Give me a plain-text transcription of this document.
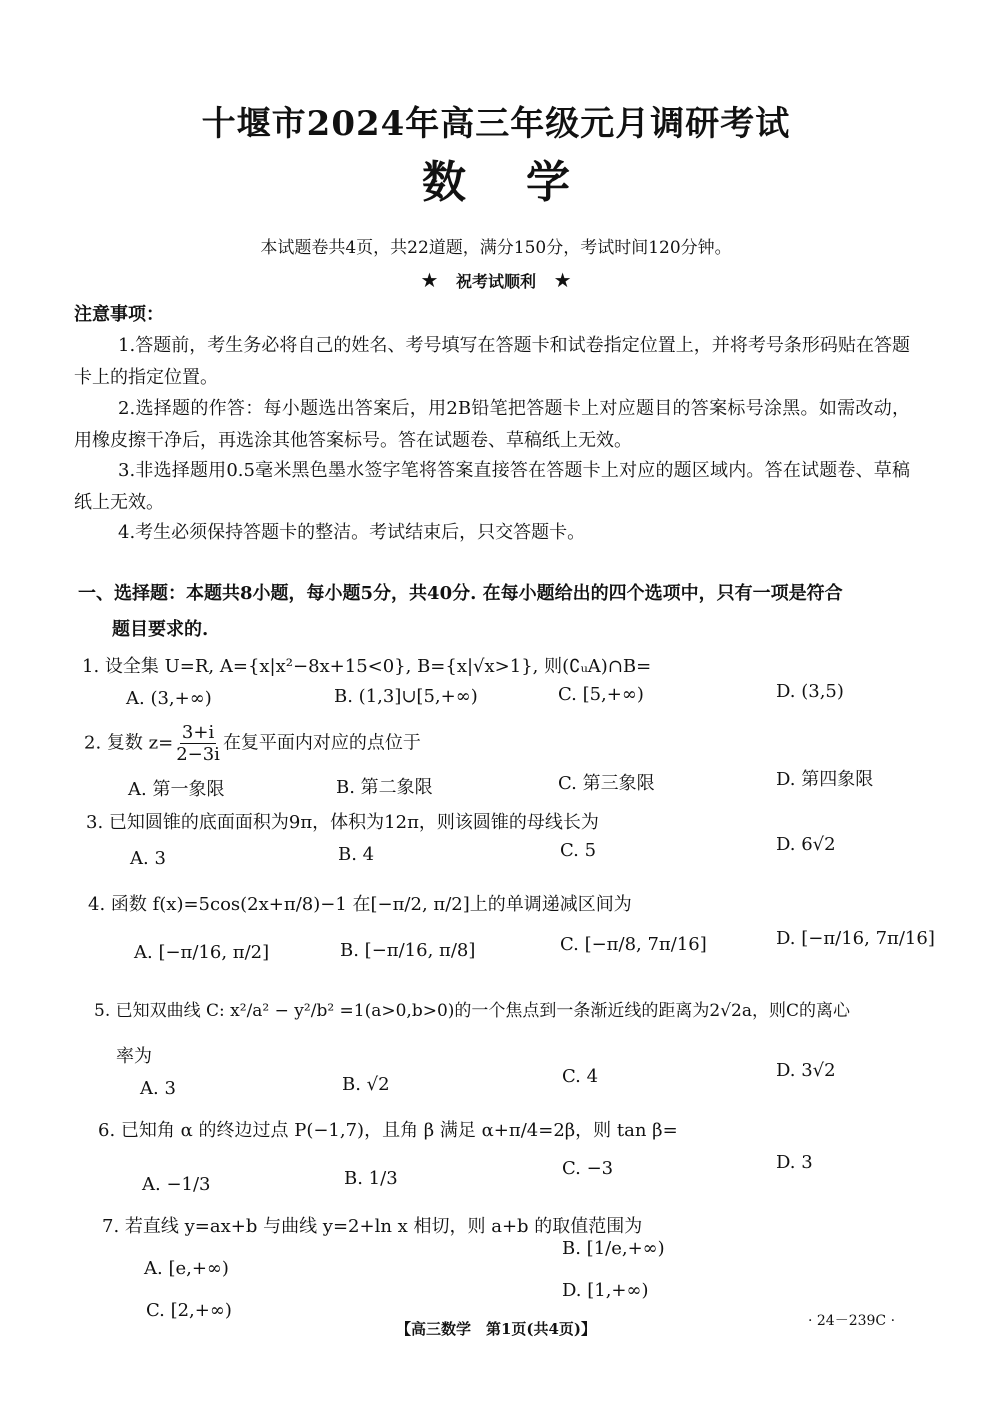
十堰市2024年高三年级元月调研考试
数学
本试题卷共4页，共22道题，满分150分，考试时间120分钟。
★ 祝考试顺利 ★
注意事项：
1.答题前，考生务必将自己的姓名、考号填写在答题卡和试卷指定位置上，并将考号条形码贴在答题卡上的指定位置。
2.选择题的作答：每小题选出答案后，用2B铅笔把答题卡上对应题目的答案标号涂黑。如需改动，用橡皮擦干净后，再选涂其他答案标号。答在试题卷、草稿纸上无效。
3.非选择题用0.5毫米黑色墨水签字笔将答案直接答在答题卡上对应的题区域内。答在试题卷、草稿纸上无效。
4.考生必须保持答题卡的整洁。考试结束后，只交答题卡。
一、选择题：本题共8小题，每小题5分，共40分. 在每小题给出的四个选项中，只有一项是符合
题目要求的.
1. 设全集 U=R, A={x|x²−8x+15<0}, B={x|√x>1}, 则(∁ᵤA)∩B=
A. (3,+∞)	B. (1,3]∪[5,+∞)	C. [5,+∞)	D. (3,5)
2. 复数 $z= \frac{3+i}{2-3i}$ 在复平面内对应的点位于
A. 第一象限	B. 第二象限	C. 第三象限	D. 第四象限
3. 已知圆锥的底面面积为9π，体积为12π，则该圆锥的母线长为
A. 3	B. 4	C. 5	D. 6√2
4. 函数 f(x)=5cos(2x+π/8)−1 在[−π/2, π/2]上的单调递减区间为
A. [−π/16, π/2]	B. [−π/16, π/8]	C. [−π/8, 7π/16]	D. [−π/16, 7π/16]
5. 已知双曲线 C: x²/a² − y²/b² =1(a>0,b>0)的一个焦点到一条渐近线的距离为2√2a，则C的离心
率为
A. 3	B. √2	C. 4	D. 3√2
6. 已知角 α 的终边过点 P(−1,7)，且角 β 满足 α+π/4=2β，则 tan β=
A. −1/3	B. 1/3	C. −3	D. 3
7. 若直线 y=ax+b 与曲线 y=2+ln x 相切，则 a+b 的取值范围为
A. [e,+∞)
B. [1/e,+∞)
C. [2,+∞)
D. [1,+∞)
【高三数学　第1页(共4页)】	· 24－239C ·
